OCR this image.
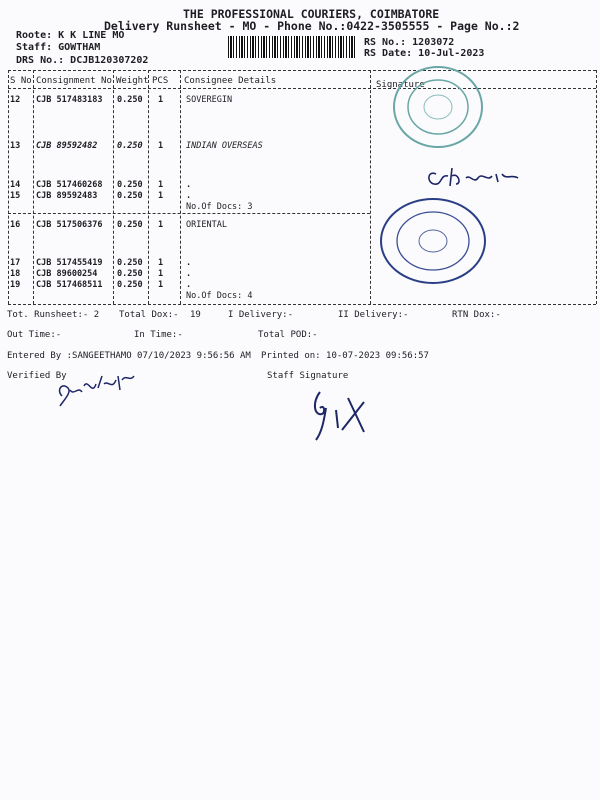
THE PROFESSIONAL COURIERS, COIMBATORE
Delivery Runsheet - MO - Phone No.:0422-3505555 - Page No.:2
Roote: K K LINE MO
Staff: GOWTHAM
DRS No.: DCJB120307202
RS No.: 1203072
RS Date: 10-Jul-2023
S No Consignment No Weight PCS Consignee Details	Signature
12 CJB 517483183 0.250 1	SOVEREGIN
13 CJB 89592482 0.250 1	INDIAN OVERSEAS
14 CJB 517460268 0.250 1	.
15 CJB 89592483 0.250 1	.
No.Of Docs: 3
16 CJB 517506376 0.250 1	ORIENTAL
17 CJB 517455419 0.250 1	.
18 CJB 89600254 0.250 1	.
19 CJB 517468511 0.250 1	.
No.Of Docs: 4
Tot. Runsheet:- 2 Total Dox:- 19	I Delivery:-	II Delivery:-	RTN Dox:-
Out Time:-	In Time:-	Total POD:-
Entered By :SANGEETHAMO 07/10/2023 9:56:56 AM Printed on: 10-07-2023 09:56:57
Verified By	Staff Signature
